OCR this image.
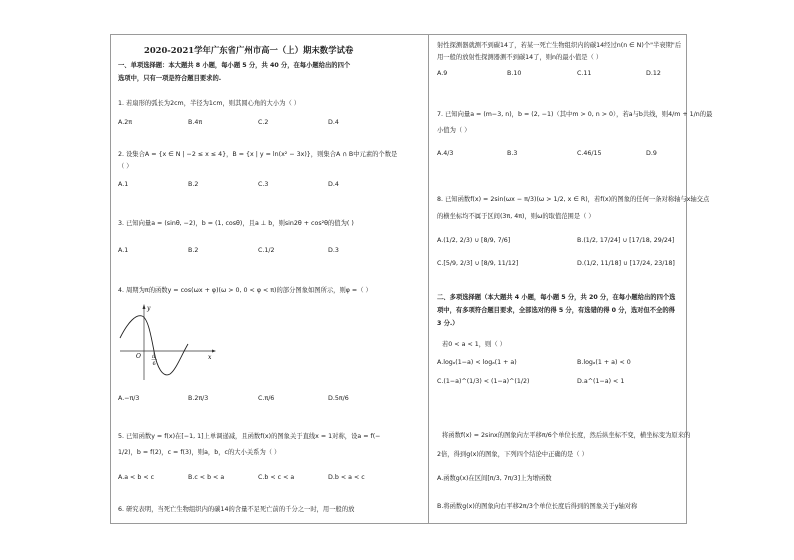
2020-2021学年广东省广州市高一（上）期末数学试卷
一、单项选择题：本大题共 8 小题，每小题 5 分，共 40 分，在每小题给出的四个
选项中，只有一项是符合题目要求的.
1. 若扇形的弧长为2cm，半径为1cm，则其圆心角的大小为（ ）
A.2π	B.4π	C.2	D.4
2. 设集合A = {x ∈ N | −2 ≤ x ≤ 4}，B = {x | y = ln(x² − 3x)}，则集合A ∩ B中元素的个数是
（ ）
A.1	B.2	C.3	D.4
3. 已知向量a = (sinθ, −2)，b = (1, cosθ)，且a ⊥ b，则sin2θ + cos²θ的值为( )
A.1	B.2	C.1/2	D.3
4. 周期为π的函数y = cos(ωx + φ)(ω > 0, 0 < φ < π)的部分图象如图所示，则φ =（ ）
y
x
O π
6
A.−π/3	B.2π/3	C.π/6	D.5π/6
5. 已知函数y = f(x)在[−1, 1]上单调递减，且函数f(x)的图象关于直线x = 1对称，设a = f(−
1/2)，b = f(2)，c = f(3)，则a，b，c的大小关系为（ ）
A.a < b < c	B.c < b < a	C.b < c < a	D.b < a < c
6. 研究表明，当死亡生物组织内的碳14的含量不足死亡前的千分之一时，用一般的放
射性探测器就测不到碳14了，若某一死亡生物组织内的碳14经过n(n ∈ N)个"半衰期"后
用一般的放射性探测器测不到碳14了，则n的最小值是（ ）
A.9	B.10	C.11	D.12
7. 已知向量a = (m−3, n)，b = (2, −1)（其中m > 0, n > 0），若a与b共线，则4/m + 1/n的最
小值为（ ）
A.4/3	B.3	C.46/15	D.9
8. 已知函数f(x) = 2sin(ωx − π/3)(ω > 1/2, x ∈ R)，若f(x)的图象的任何一条对称轴与x轴交点
的横坐标均不属于区间(3π, 4π)，则ω的取值范围是（ ）
A.(1/2, 2/3) ∪ [8/9, 7/6]	B.(1/2, 17/24] ∪ [17/18, 29/24]
C.[5/9, 2/3] ∪ [8/9, 11/12]	D.(1/2, 11/18] ∪ [17/24, 23/18]
二、多项选择题（本大题共 4 小题，每小题 5 分，共 20 分，在每小题给出的四个选
项中，有多项符合题目要求，全部选对的得 5 分，有选错的得 0 分，选对但不全的得
3 分.）
若0 < a < 1，则（ ）
A.logₐ(1−a) < logₐ(1 + a)	B.logₐ(1 + a) < 0
C.(1−a)^(1/3) < (1−a)^(1/2)	D.a^(1−a) < 1
将函数f(x) = 2sinx的图象向左平移π/6个单位长度，然后纵坐标不变，横坐标变为原来的
2倍，得到g(x)的图象，下列四个结论中正确的是（ ）
A.函数g(x)在区间[π/3, 7π/3]上为增函数
B.将函数g(x)的图象向右平移2π/3个单位长度后得到的图象关于y轴对称
